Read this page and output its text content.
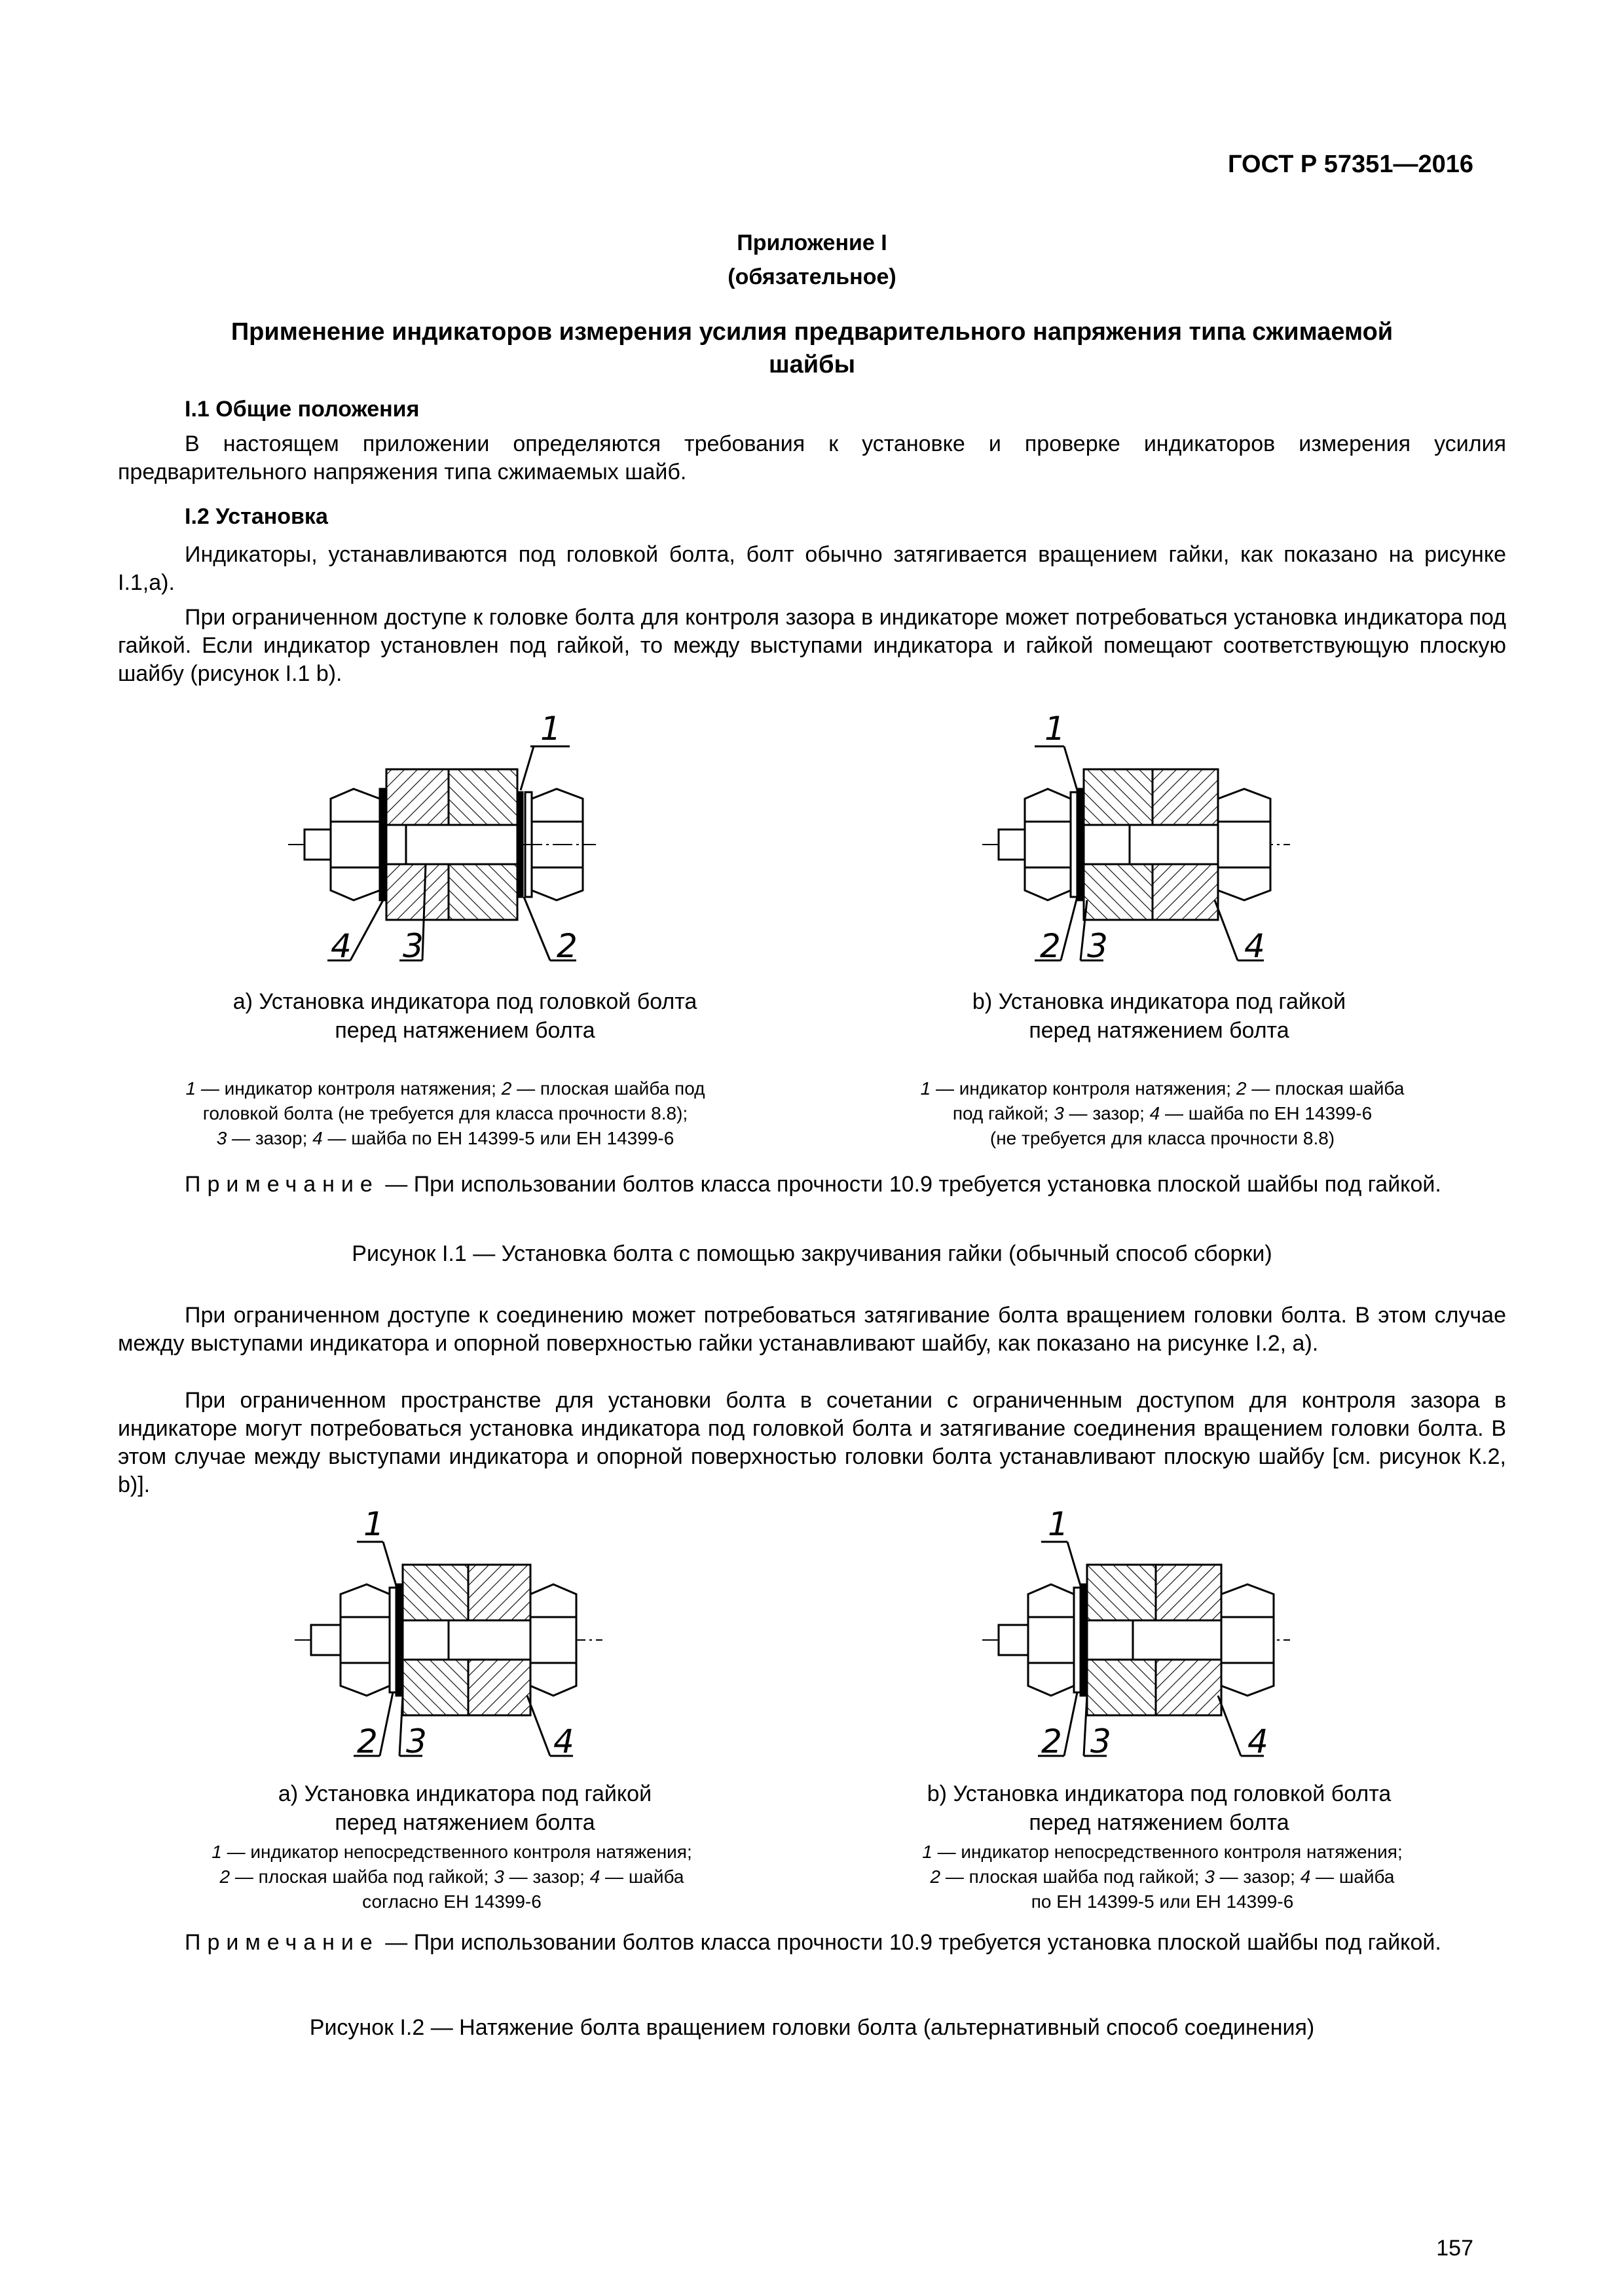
ГОСТ Р 57351—2016
Приложение I
(обязательное)
Применение индикаторов измерения усилия предварительного напряжения типа сжимаемой
шайбы
I.1 Общие положения
В настоящем приложении определяются требования к установке и проверке индикаторов измерения усилия предварительного напряжения типа сжимаемых шайб.
I.2 Установка
Индикаторы, устанавливаются под головкой болта, болт обычно затягивается вращением гайки, как показано на рисунке I.1,а).
При ограниченном доступе к головке болта для контроля зазора в индикаторе может потребоваться установка индикатора под гайкой. Если индикатор установлен под гайкой, то между выступами индикатора и гайкой помещают соответствующую плоскую шайбу (рисунок I.1 b).
1
4 3	2
1
2 3	4
а) Установка индикатора под головкой болта
перед натяжением болта
b) Установка индикатора под гайкой
перед натяжением болта
1 — индикатор контроля натяжения; 2 — плоская шайба под
головкой болта (не требуется для класса прочности 8.8);
3 — зазор; 4 — шайба по ЕН 14399-5 или ЕН 14399-6
1 — индикатор контроля натяжения; 2 — плоская шайба
под гайкой; 3 — зазор; 4 — шайба по ЕН 14399-6
(не требуется для класса прочности 8.8)
Примечание — При использовании болтов класса прочности 10.9 требуется установка плоской шайбы под гайкой.
Рисунок I.1 — Установка болта с помощью закручивания гайки (обычный способ сборки)
При ограниченном доступе к соединению может потребоваться затягивание болта вращением головки болта. В этом случае между выступами индикатора и опорной поверхностью гайки устанавливают шайбу, как показано на рисунке I.2, а).
При ограниченном пространстве для установки болта в сочетании с ограниченным доступом для контроля зазора в индикаторе могут потребоваться установка индикатора под головкой болта и затягивание соединения вращением головки болта. В этом случае между выступами индикатора и опорной поверхностью головки болта устанавливают плоскую шайбу [см. рисунок К.2, b)].
1
2 3	4
1
2 3	4
а) Установка индикатора под гайкой
перед натяжением болта
b) Установка индикатора под головкой болта
перед натяжением болта
1 — индикатор непосредственного контроля натяжения;
2 — плоская шайба под гайкой; 3 — зазор; 4 — шайба
согласно ЕН 14399-6
1 — индикатор непосредственного контроля натяжения;
2 — плоская шайба под гайкой; 3 — зазор; 4 — шайба
по ЕН 14399-5 или ЕН 14399-6
Примечание — При использовании болтов класса прочности 10.9 требуется установка плоской шайбы под гайкой.
Рисунок I.2 — Натяжение болта вращением головки болта (альтернативный способ соединения)
157
